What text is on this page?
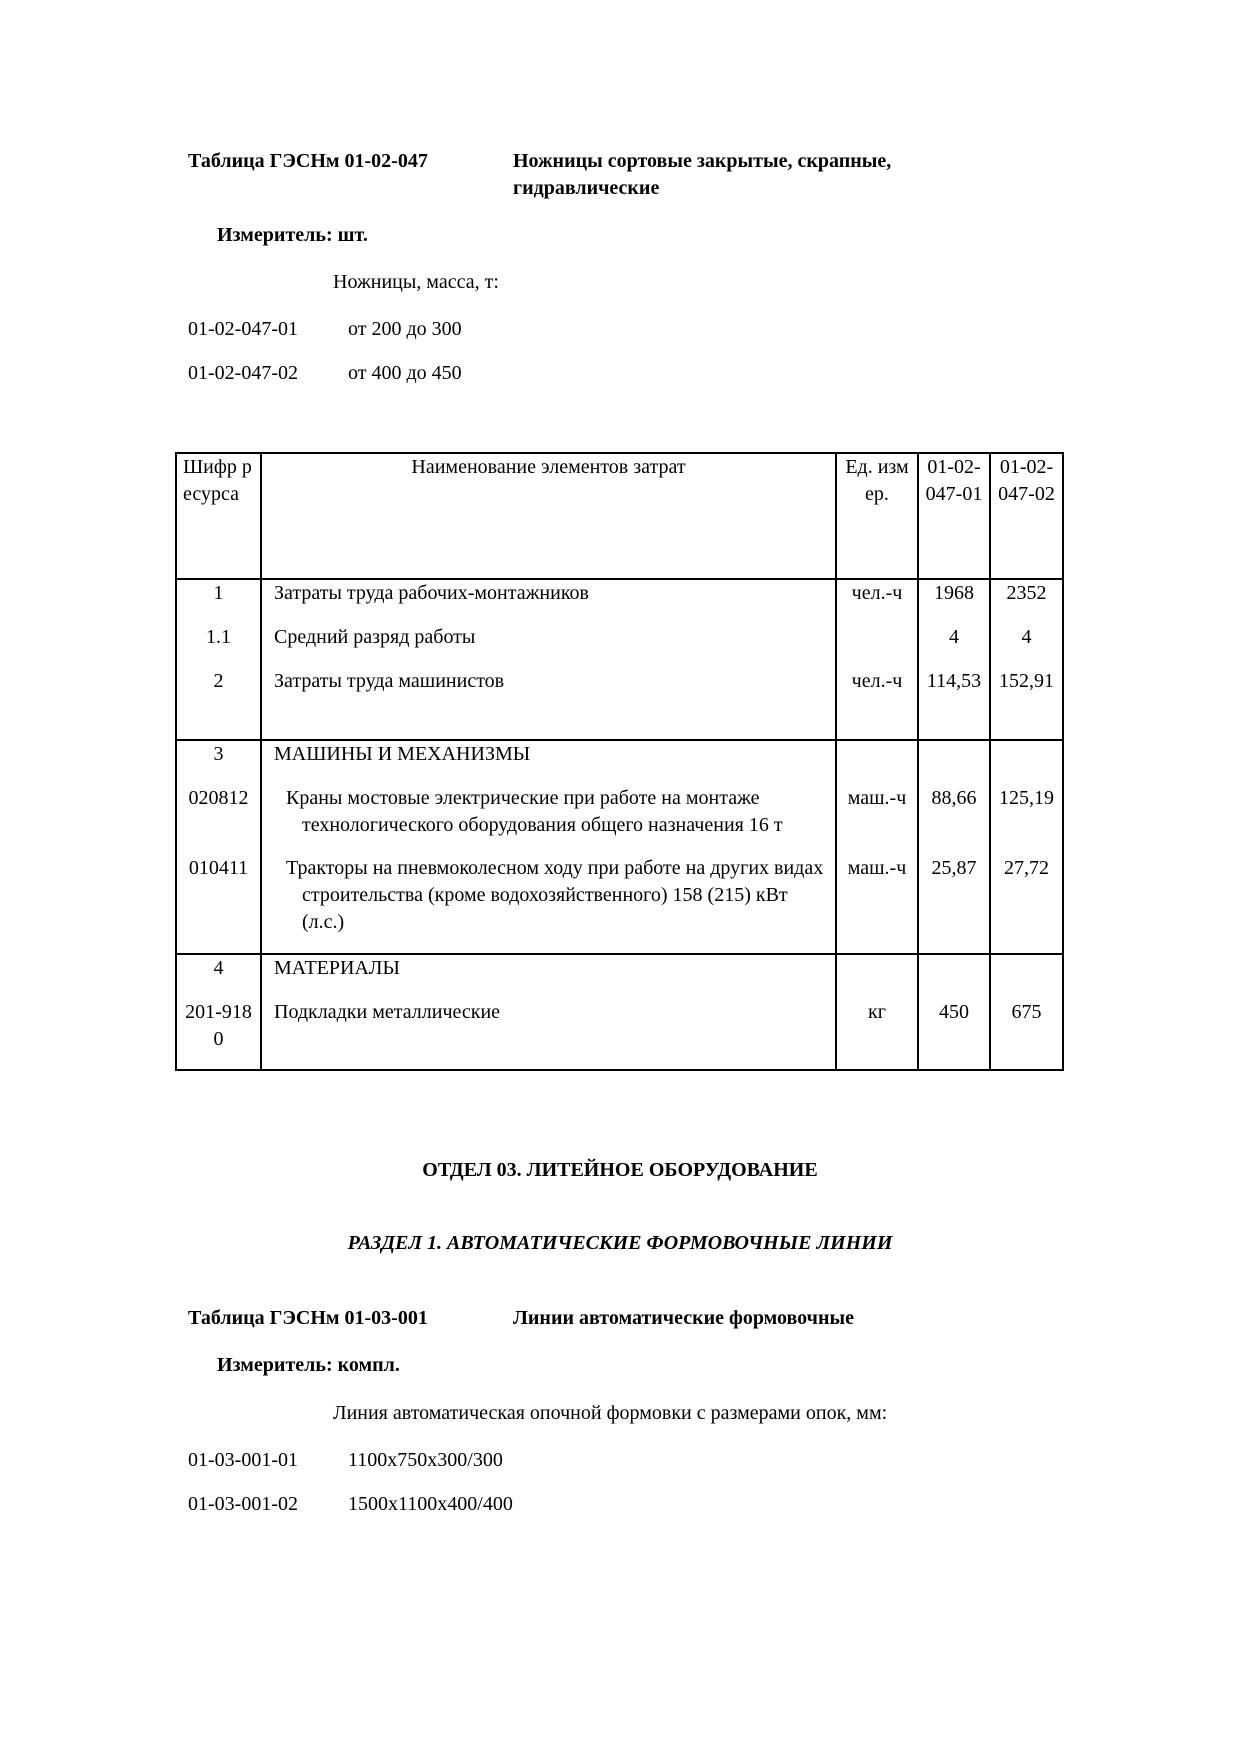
Таблица ГЭСНм 01-02-047	Ножницы сортовые закрытые, скрапные,
гидравлические
Измеритель: шт.
Ножницы, масса, т:
01-02-047-01	от 200 до 300
01-02-047-02	от 400 до 450
Шифр ресурса	Наименование элементов затрат	Ед. измер.	01-02-047-01	01-02-047-02
1	Затраты труда рабочих-монтажников	чел.-ч	1968	2352
1.1	Средний разряд работы		4	4
2	Затраты труда машинистов	чел.-ч	114,53	152,91
3	МАШИНЫ И МЕХАНИЗМЫ			
020812	Краны мостовые электрические при работе на монтаже технологического оборудования общего назначения 16 т	маш.-ч	88,66	125,19
010411	Тракторы на пневмоколесном ходу при работе на других видах строительства (кроме водохозяйственного) 158 (215) кВт (л.с.)	маш.-ч	25,87	27,72
4	МАТЕРИАЛЫ			
201-9180	Подкладки металлические	кг	450	675
ОТДЕЛ 03. ЛИТЕЙНОЕ ОБОРУДОВАНИЕ
РАЗДЕЛ 1. АВТОМАТИЧЕСКИЕ ФОРМОВОЧНЫЕ ЛИНИИ
Таблица ГЭСНм 01-03-001	Линии автоматические формовочные
Измеритель: компл.
Линия автоматическая опочной формовки с размерами опок, мм:
01-03-001-01	1100x750x300/300
01-03-001-02	1500x1100x400/400
